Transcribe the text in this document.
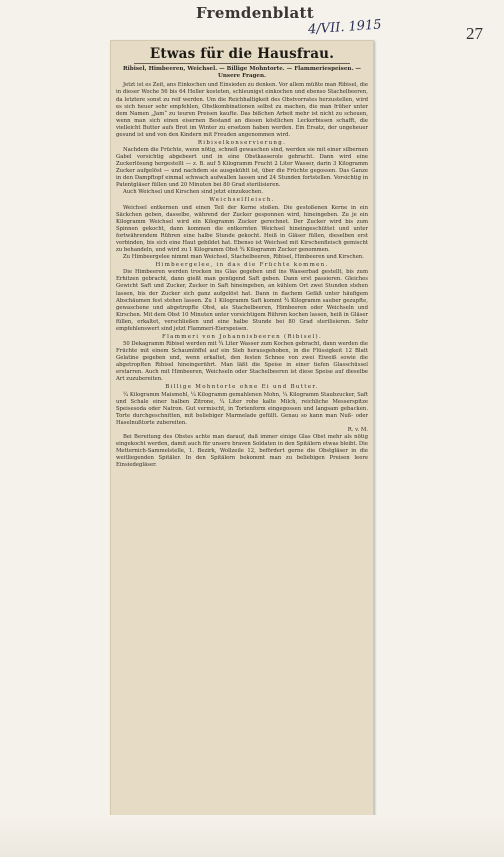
Fremdenblatt
4/VII. 1915	27
Etwas für die Hausfrau.

Ribisel, Himbeeren, Weichsel. — Billige Mohntorte. — Flammeriespeisen. — Unsere Fragen.

Jetzt ist es Zeit, ans Einkochen und Einsieden zu denken. Vor allem müßte man Ribisel, die in dieser Woche 56 bis 64 Heller kosteten, schleunigst einkochen und ebenso Stachelbeeren, da letztere sonst zu reif werden. Um die Reichhaltigkeit des Obstvorrates herzustellen, wird es sich heuer sehr empfehlen, Obstkombinationen selbst zu machen, die man früher unter dem Namen „Jam“ zu teuren Preisen kaufte. Das bißchen Arbeit mehr ist nicht zu scheuen, wenn man sich einen eisernen Bestand an diesen köstlichen Leckerbissen schafft, die vielleicht Butter aufs Brot im Winter zu ersetzen haben werden. Ein Ersatz, der ungeheuer gesund ist und von den Kindern mit Freuden angenommen wird.

Ribiselkonservierung.

Nachdem die Früchte, wenn nötig, schnell gewaschen sind, werden sie mit einer silbernen Gabel vorsichtig abgebeert und in eine Obstkasserole gebracht. Dann wird eine Zuckerlösung hergestellt — z. B. auf 5 Kilogramm Frucht 2 Liter Wasser, darin 3 Kilogramm Zucker aufgelöst — und nachdem sie ausgekühlt ist, über die Früchte gegossen. Das Ganze in den Dampftopf einmal schwach aufwallen lassen und 24 Stunden fortstellen. Vorsichtig in Patentgläser füllen und 20 Minuten bei 80 Grad sterilisieren.

Auch Weichsel und Kirschen sind jetzt einzukochen.

Weichselfleisch.

Weichsel entkernen und einen Teil der Kerne stoßen. Die gestoßenen Kerne in ein Säckchen geben, dasselbe, während der Zucker gesponnen wird, hineingeben. Zu je ein Kilogramm Weichsel wird ein Kilogramm Zucker gerechnet. Der Zucker wird bis zum Spinnen gekocht, dann kommen die entkernten Weichsel hineingeschüttet und unter fortwährendem Rühren eine halbe Stunde gekocht. Heiß in Gläser füllen, dieselben erst verbinden, bis sich eine Haut gebildet hat. Ebenso ist Weichsel mit Kirschenfleisch gemischt zu behandeln, und wird zu 1 Kilogramm Obst ¾ Kilogramm Zucker genommen.

Zu Himbeergelee nimmt man Weichsel, Stachelbeeren, Ribisel, Himbeeren und Kirschen.

Himbeergelee, in das die Früchte kommen.

Die Himbeeren werden trocken ins Glas gegeben und ins Wasserbad gestellt, bis zum Erhitzen gebracht, dann gießt man genügend Saft geben. Dann erst passieren. Gleiches Gewicht Saft und Zucker, Zucker in Saft hineingeben, an kühlem Ort zwei Stunden stehen lassen, bis der Zucker sich ganz aufgelöst hat. Dann in flachem Gefäß unter häufigem Abschäumen fest stehen lassen. Zu 1 Kilogramm Saft kommt ¾ Kilogramm sauber gezupfte, gewaschene und abgetropfte Obst, als Stachelbeeren, Himbeeren oder Weichseln und Kirschen. Mit dem Obst 10 Minuten unter vorsichtigem Rühren kochen lassen, heiß in Gläser füllen, erkaltet, verschließen und eine halbe Stunde bei 80 Grad sterilisieren. Sehr empfehlenswert sind jetzt Flammeri-Eierspeisen.

Flammeri von Johannisbeeren (Ribisel).

50 Dekagramm Ribisel werden mit ¾ Liter Wasser zum Kochen gebracht, dann werden die Früchte mit einem Schaumlöffel auf ein Sieb herausgehoben, in die Flüssigkeit 12 Blatt Gelatine gegeben und, wenn erkaltet, den festen Schnee von zwei Eiweiß sowie die abgetropften Ribisel hineingerührt. Man läßt die Speise in einer tiefen Glasschüssel erstarren. Auch mit Himbeeren, Weichseln oder Stachelbeeren ist diese Speise auf dieselbe Art zuzubereiten.

Billige Mohntorte ohne Ei und Butter.

¼ Kilogramm Maismehl, ¼ Kilogramm gemahlenen Mohn, ¼ Kilogramm Staubzucker, Saft und Schale einer halben Zitrone, ¼ Liter rohe kalte Milch, reichliche Messerspitze Speisesoda oder Natron. Gut vermischt, in Tortenform eingegossen und langsam gebacken. Torte durchgeschnitten, mit beliebiger Marmelade gefüllt. Genau so kann man Nuß- oder Haselnußtorte zubereiten.

R. v. M.

Bei Bereitung des Obstes achte man darauf, daß immer einige Glas Obst mehr als nötig eingekocht werden, damit auch für unsere braven Soldaten in den Spitälern etwas bleibt. Die Metternich-Sammelstelle, 1. Bezirk, Wollzeile 12, befördert gerne die Obstgläser in die weitliegenden Spitäler. In den Spitälern bekommt man zu beliebigen Preisen leere Einsiedegläser.
